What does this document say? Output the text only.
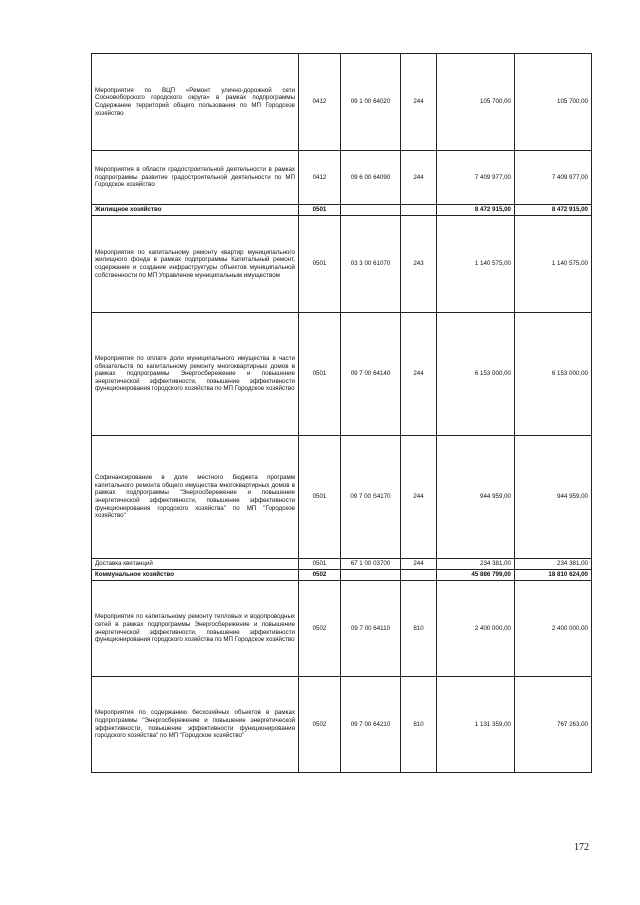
Мероприятия по ВЦП «Ремонт улично-дорожной сети Сосновоборского городского округа» в рамках подпрограммы Содержание территорий общего пользования по МП Городское хозяйство	0412	09 1 00 64020	244	105 700,00	105 700,00
Мероприятия в области градостроительной деятельности в рамках подпрограммы развитие градостроительной деятельности по МП Городское хозяйство	0412	09 6 00 64090	244	7 409 977,00	7 409 977,00
Жилищное хозяйство	0501			8 472 915,00	8 472 915,00
Мероприятия по капитальному ремонту квартир муниципального жилищного фонда в рамках подпрограммы Капитальный ремонт, содержание и создание инфраструктуры объектов муниципальной собственности по МП Управление муниципальным имуществом	0501	03 3 00 61070	243	1 140 575,00	1 140 575,00
Мероприятия по оплате доли муниципального имущества в части обязательств по капитальному ремонту многоквартирных домов в рамках подпрограммы Энергосбережение и повышение энергетической эффективности, повышение эффективности функционирования городского хозяйства по МП Городское хозяйство	0501	09 7 00 64140	244	6 153 000,00	6 153 000,00
Софинансирование в доле местного бюджета программ капитального ремонта общего имущества многоквартирных домов в рамках подпрограммы "Энергосбережение и повышение энергетической эффективности, повышение эффективности функционирования городского хозяйства" по МП "Городское хозяйство"	0501	09 7 00 S4170	244	944 959,00	944 959,00
Доставка квитанций	0501	67 1 00 03700	244	234 381,00	234 381,00
Коммунальное хозяйство	0502			45 886 799,00	18 810 624,00
Мероприятия по капитальному ремонту тепловых и водопроводных сетей в рамках подпрограммы Энергосбережение и повышение энергетической эффективности, повышение эффективности функционирования городского хозяйства по МП Городское хозяйство	0502	09 7 00 64110	810	2 400 000,00	2 400 000,00
Мероприятия по содержанию бесхозяйных объектов в рамках подпрограммы "Энергосбережение и повышение энергетической эффективности, повышение эффективности функционирования городского хозяйства" по МП "Городское хозяйство"	0502	09 7 00 64210	810	1 131 359,00	767 263,00
172
